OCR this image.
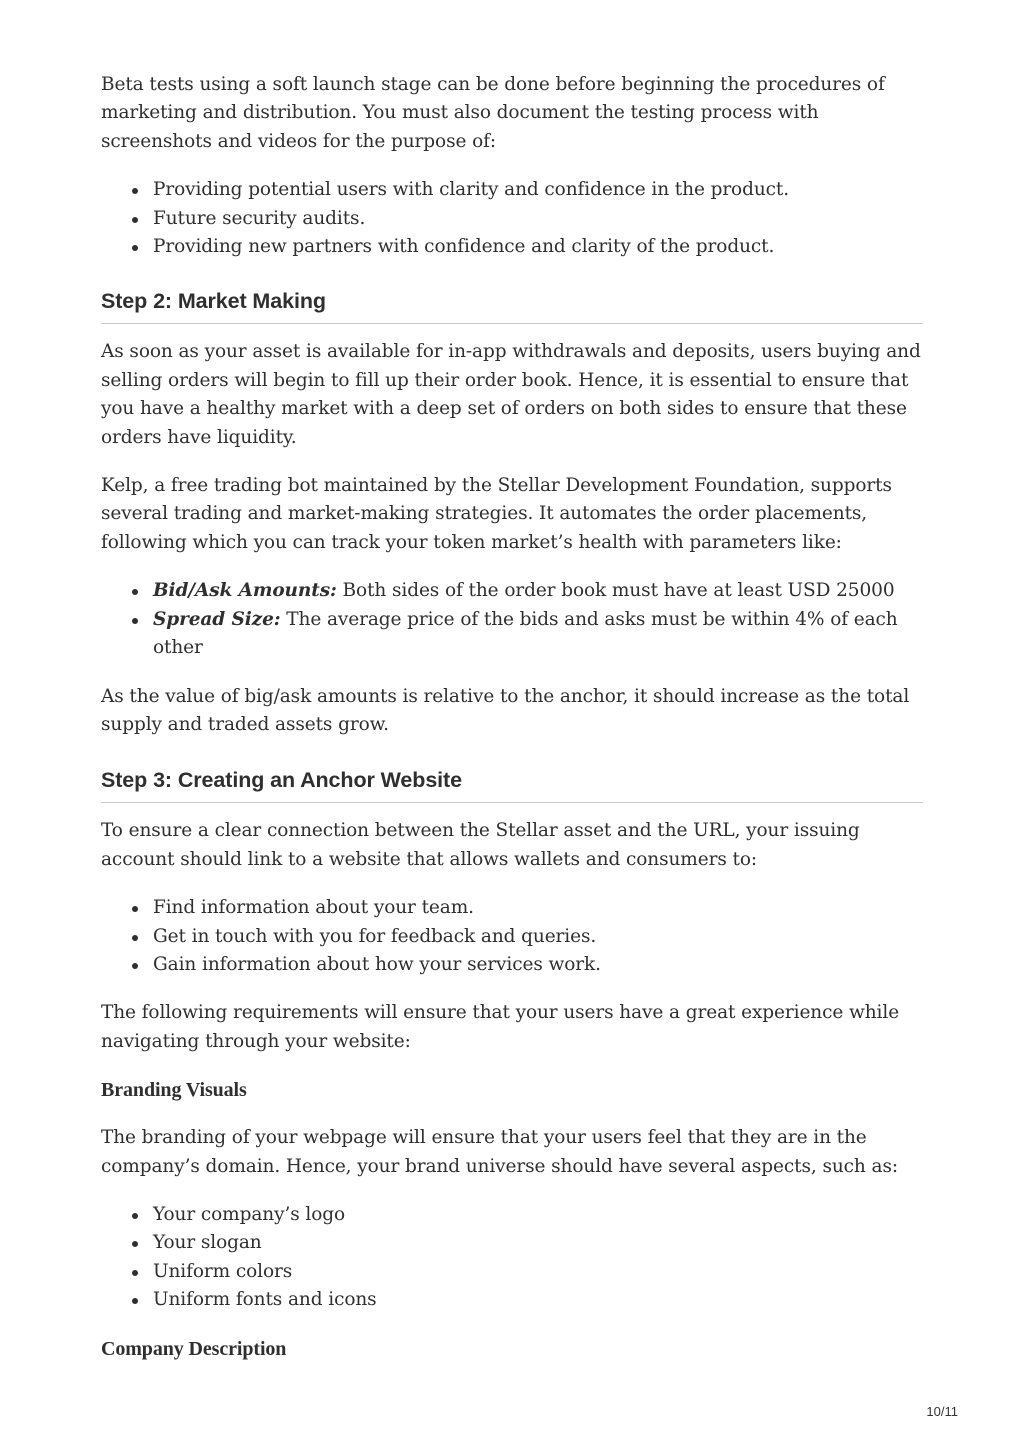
Beta tests using a soft launch stage can be done before beginning the procedures of marketing and distribution. You must also document the testing process with screenshots and videos for the purpose of:

Providing potential users with clarity and confidence in the product.
Future security audits.
Providing new partners with confidence and clarity of the product.
Step 2: Market Making

As soon as your asset is available for in-app withdrawals and deposits, users buying and selling orders will begin to fill up their order book. Hence, it is essential to ensure that you have a healthy market with a deep set of orders on both sides to ensure that these orders have liquidity.

Kelp, a free trading bot maintained by the Stellar Development Foundation, supports several trading and market-making strategies. It automates the order placements, following which you can track your token market’s health with parameters like:

Bid/Ask Amounts: Both sides of the order book must have at least USD 25000
Spread Size: The average price of the bids and asks must be within 4% of each other

As the value of big/ask amounts is relative to the anchor, it should increase as the total supply and traded assets grow.

Step 3: Creating an Anchor Website

To ensure a clear connection between the Stellar asset and the URL, your issuing account should link to a website that allows wallets and consumers to:

Find information about your team.
Get in touch with you for feedback and queries.
Gain information about how your services work.

The following requirements will ensure that your users have a great experience while navigating through your website:

Branding Visuals

The branding of your webpage will ensure that your users feel that they are in the company’s domain. Hence, your brand universe should have several aspects, such as:

Your company’s logo
Your slogan
Uniform colors
Uniform fonts and icons
Company Description
10/11
